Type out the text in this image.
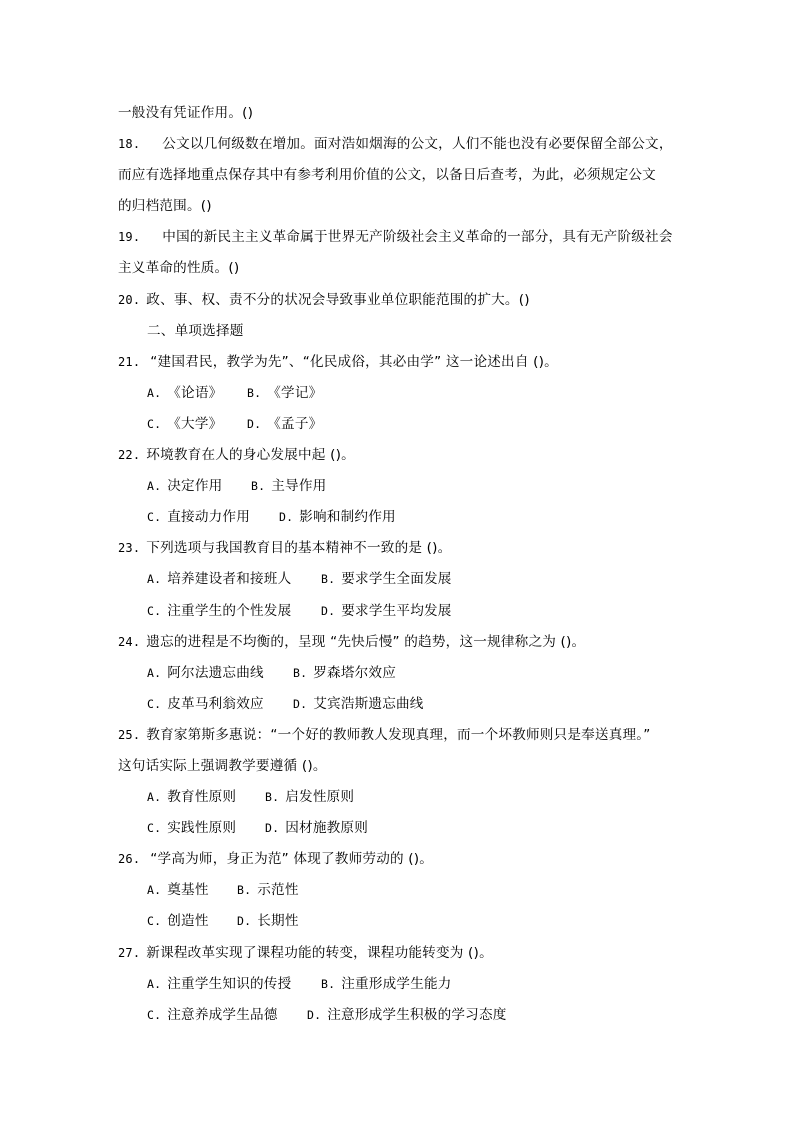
一般没有凭证作用。()
18. 公文以几何级数在增加。面对浩如烟海的公文，人们不能也没有必要保留全部公文，
而应有选择地重点保存其中有参考利用价值的公文，以备日后查考，为此，必须规定公文
的归档范围。()
19. 中国的新民主主义革命属于世界无产阶级社会主义革命的一部分，具有无产阶级社会
主义革命的性质。()
20. 政、事、权、责不分的状况会导致事业单位职能范围的扩大。()
二、单项选择题
21. “建国君民，教学为先”、“化民成俗，其必由学” 这一论述出自 ()。
A. 《论语》 B. 《学记》
C. 《大学》 D. 《孟子》
22. 环境教育在人的身心发展中起 ()。
A. 决定作用 B. 主导作用
C. 直接动力作用	D. 影响和制约作用
23. 下列选项与我国教育目的基本精神不一致的是 ()。
A. 培养建设者和接班人	B. 要求学生全面发展
C. 注重学生的个性发展	D. 要求学生平均发展
24. 遗忘的进程是不均衡的，呈现 “先快后慢” 的趋势，这一规律称之为 ()。
A. 阿尔法遗忘曲线	B. 罗森塔尔效应
C. 皮革马利翁效应	D. 艾宾浩斯遗忘曲线
25. 教育家第斯多惠说：“一个好的教师教人发现真理，而一个坏教师则只是奉送真理。”
这句话实际上强调教学要遵循 ()。
A. 教育性原则	B. 启发性原则
C. 实践性原则	D. 因材施教原则
26. “学高为师，身正为范” 体现了教师劳动的 ()。
A. 奠基性 B. 示范性
C. 创造性 D. 长期性
27. 新课程改革实现了课程功能的转变，课程功能转变为 ()。
A. 注重学生知识的传授	B. 注重形成学生能力
C. 注意养成学生品德	D. 注意形成学生积极的学习态度
